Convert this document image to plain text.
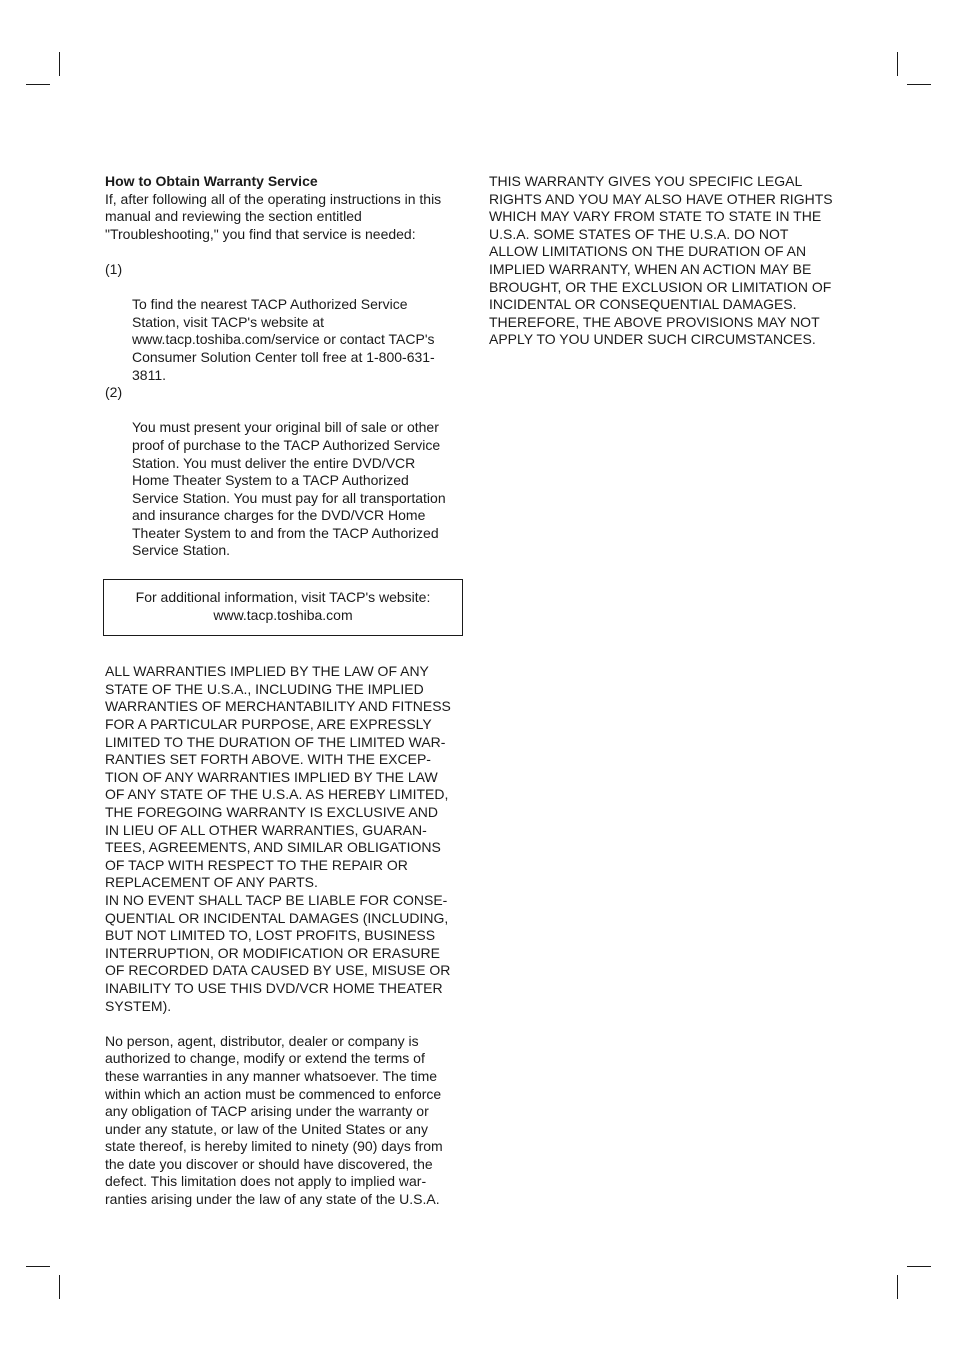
How to Obtain Warranty Service

If, after following all of the operating instructions in this
manual and reviewing the section entitled
"Troubleshooting," you find that service is needed:

(1)

To find the nearest TACP Authorized Service
Station, visit TACP's website at
www.tacp.toshiba.com/service or contact TACP's
Consumer Solution Center toll free at 1-800-631-
3811.

(2)

You must present your original bill of sale or other
proof of purchase to the TACP Authorized Service
Station. You must deliver the entire DVD/VCR
Home Theater System to a TACP Authorized
Service Station. You must pay for all transportation
and insurance charges for the DVD/VCR Home
Theater System to and from the TACP Authorized
Service Station.

For additional information, visit TACP's website:
www.tacp.toshiba.com

ALL WARRANTIES IMPLIED BY THE LAW OF ANY
STATE OF THE U.S.A., INCLUDING THE IMPLIED
WARRANTIES OF MERCHANTABILITY AND FITNESS
FOR A PARTICULAR PURPOSE, ARE EXPRESSLY
LIMITED TO THE DURATION OF THE LIMITED WAR-
RANTIES SET FORTH ABOVE. WITH THE EXCEP-
TION OF ANY WARRANTIES IMPLIED BY THE LAW
OF ANY STATE OF THE U.S.A. AS HEREBY LIMITED,
THE FOREGOING WARRANTY IS EXCLUSIVE AND
IN LIEU OF ALL OTHER WARRANTIES, GUARAN-
TEES, AGREEMENTS, AND SIMILAR OBLIGATIONS
OF TACP WITH RESPECT TO THE REPAIR OR
REPLACEMENT OF ANY PARTS.

IN NO EVENT SHALL TACP BE LIABLE FOR CONSE-
QUENTIAL OR INCIDENTAL DAMAGES (INCLUDING,
BUT NOT LIMITED TO, LOST PROFITS, BUSINESS
INTERRUPTION, OR MODIFICATION OR ERASURE
OF RECORDED DATA CAUSED BY USE, MISUSE OR
INABILITY TO USE THIS DVD/VCR HOME THEATER
SYSTEM).

No person, agent, distributor, dealer or company is
authorized to change, modify or extend the terms of
these warranties in any manner whatsoever. The time
within which an action must be commenced to enforce
any obligation of TACP arising under the warranty or
under any statute, or law of the United States or any
state thereof, is hereby limited to ninety (90) days from
the date you discover or should have discovered, the
defect. This limitation does not apply to implied war-
ranties arising under the law of any state of the U.S.A.

THIS WARRANTY GIVES YOU SPECIFIC LEGAL
RIGHTS AND YOU MAY ALSO HAVE OTHER RIGHTS
WHICH MAY VARY FROM STATE TO STATE IN THE
U.S.A. SOME STATES OF THE U.S.A. DO NOT
ALLOW LIMITATIONS ON THE DURATION OF AN
IMPLIED WARRANTY, WHEN AN ACTION MAY BE
BROUGHT, OR THE EXCLUSION OR LIMITATION OF
INCIDENTAL OR CONSEQUENTIAL DAMAGES.
THEREFORE, THE ABOVE PROVISIONS MAY NOT
APPLY TO YOU UNDER SUCH CIRCUMSTANCES.
